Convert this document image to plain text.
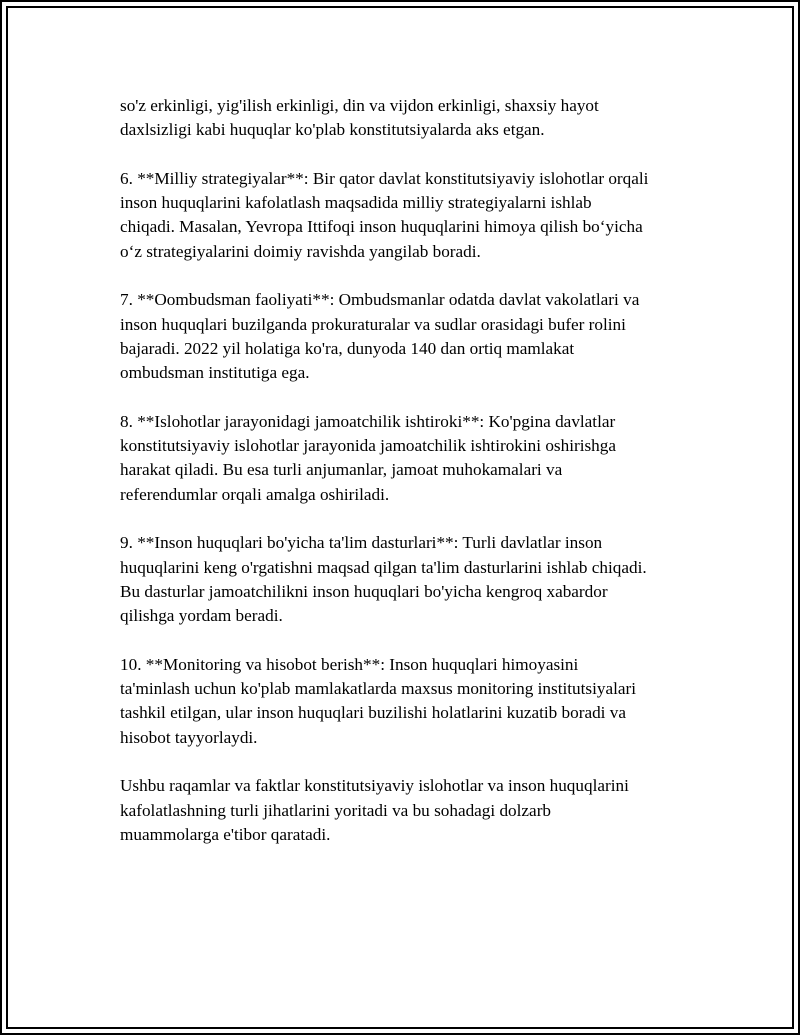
so'z erkinligi, yig'ilish erkinligi, din va vijdon erkinligi, shaxsiy hayot
daxlsizligi kabi huquqlar ko'plab konstitutsiyalarda aks etgan.

6. **Milliy strategiyalar**: Bir qator davlat konstitutsiyaviy islohotlar orqali
inson huquqlarini kafolatlash maqsadida milliy strategiyalarni ishlab
chiqadi. Masalan, Yevropa Ittifoqi inson huquqlarini himoya qilish bo‘yicha
o‘z strategiyalarini doimiy ravishda yangilab boradi.

7. **Oombudsman faoliyati**: Ombudsmanlar odatda davlat vakolatlari va
inson huquqlari buzilganda prokuraturalar va sudlar orasidagi bufer rolini
bajaradi. 2022 yil holatiga ko'ra, dunyoda 140 dan ortiq mamlakat
ombudsman institutiga ega.

8. **Islohotlar jarayonidagi jamoatchilik ishtiroki**: Ko'pgina davlatlar
konstitutsiyaviy islohotlar jarayonida jamoatchilik ishtirokini oshirishga
harakat qiladi. Bu esa turli anjumanlar, jamoat muhokamalari va
referendumlar orqali amalga oshiriladi.

9. **Inson huquqlari bo'yicha ta'lim dasturlari**: Turli davlatlar inson
huquqlarini keng o'rgatishni maqsad qilgan ta'lim dasturlarini ishlab chiqadi.
Bu dasturlar jamoatchilikni inson huquqlari bo'yicha kengroq xabardor
qilishga yordam beradi.

10. **Monitoring va hisobot berish**: Inson huquqlari himoyasini
ta'minlash uchun ko'plab mamlakatlarda maxsus monitoring institutsiyalari
tashkil etilgan, ular inson huquqlari buzilishi holatlarini kuzatib boradi va
hisobot tayyorlaydi.

Ushbu raqamlar va faktlar konstitutsiyaviy islohotlar va inson huquqlarini
kafolatlashning turli jihatlarini yoritadi va bu sohadagi dolzarb
muammolarga e'tibor qaratadi.
